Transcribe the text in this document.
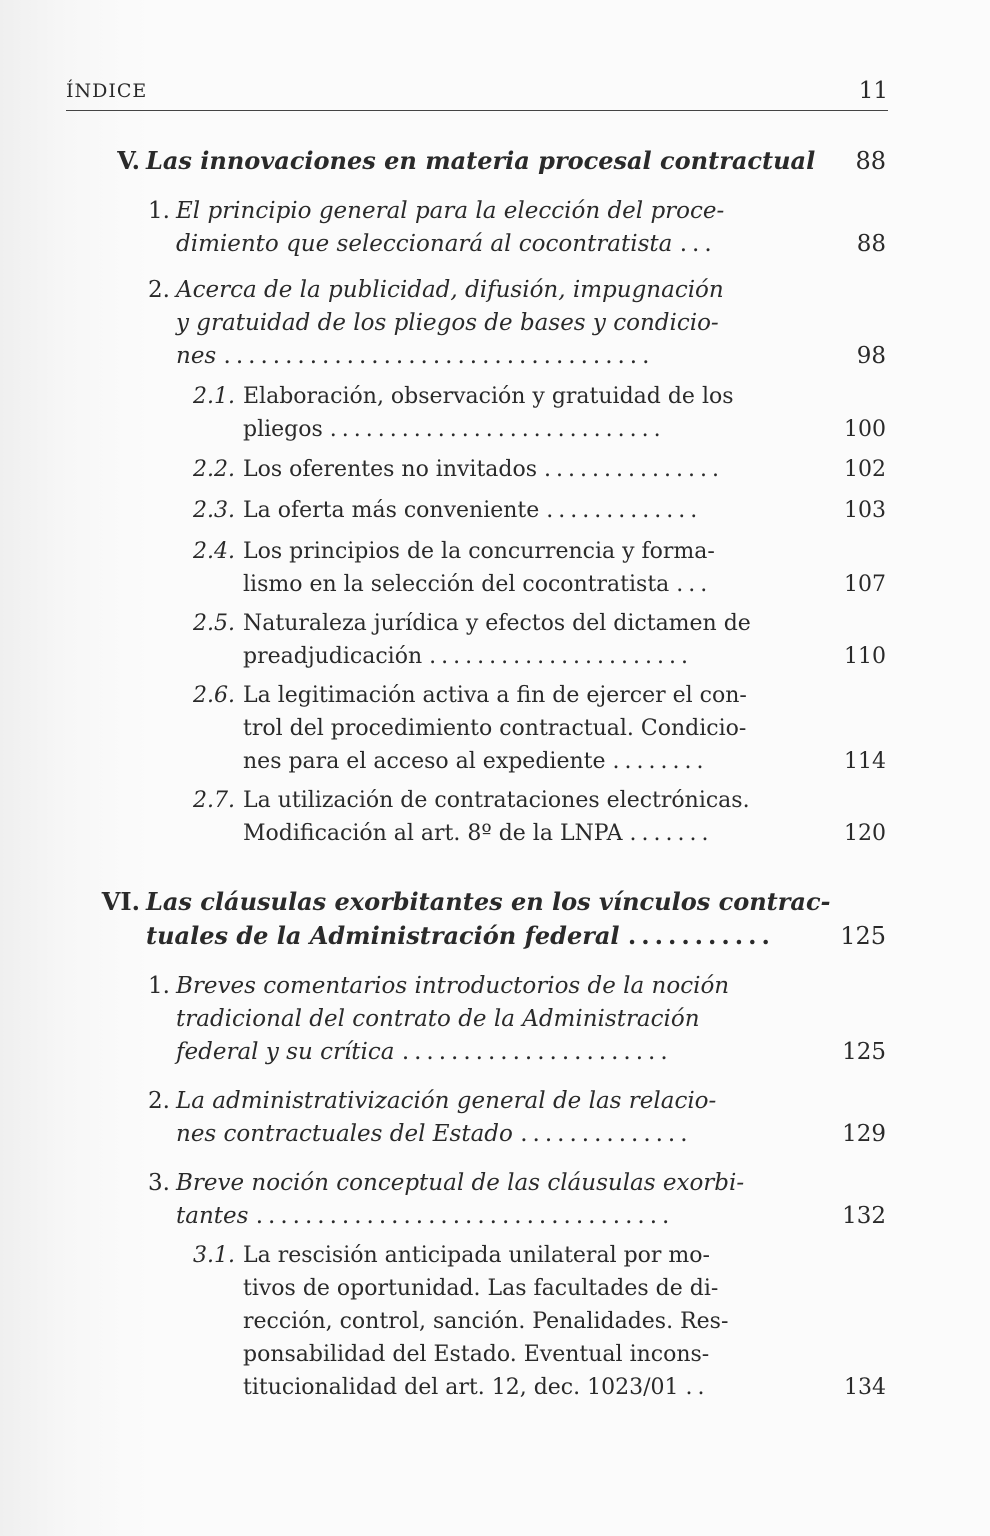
ÍNDICE	11
V. Las innovaciones en materia procesal contractual 88
1. El principio general para la elección del proce-
dimiento que seleccionará al cocontratista ...	88
2. Acerca de la publicidad, difusión, impugnación
y gratuidad de los pliegos de bases y condicio-
nes ...................................	98
2.1. Elaboración, observación y gratuidad de los
pliegos ............................	100
2.2. Los oferentes no invitados ...............	102
2.3. La oferta más conveniente .............	103
2.4. Los principios de la concurrencia y forma-
lismo en la selección del cocontratista ...	107
2.5. Naturaleza jurídica y efectos del dictamen de
preadjudicación ......................	110
2.6. La legitimación activa a fin de ejercer el con-
trol del procedimiento contractual. Condicio-
nes para el acceso al expediente ........	114
2.7. La utilización de contrataciones electrónicas.
Modificación al art. 8º de la LNPA .......	120
VI. Las cláusulas exorbitantes en los vínculos contrac-
tuales de la Administración federal ...........	125
1. Breves comentarios introductorios de la noción
tradicional del contrato de la Administración
federal y su crítica ......................	125
2. La administrativización general de las relacio-
nes contractuales del Estado ..............	129
3. Breve noción conceptual de las cláusulas exorbi-
tantes ..................................	132
3.1. La rescisión anticipada unilateral por mo-
tivos de oportunidad. Las facultades de di-
rección, control, sanción. Penalidades. Res-
ponsabilidad del Estado. Eventual incons-
titucionalidad del art. 12, dec. 1023/01 ..	134
